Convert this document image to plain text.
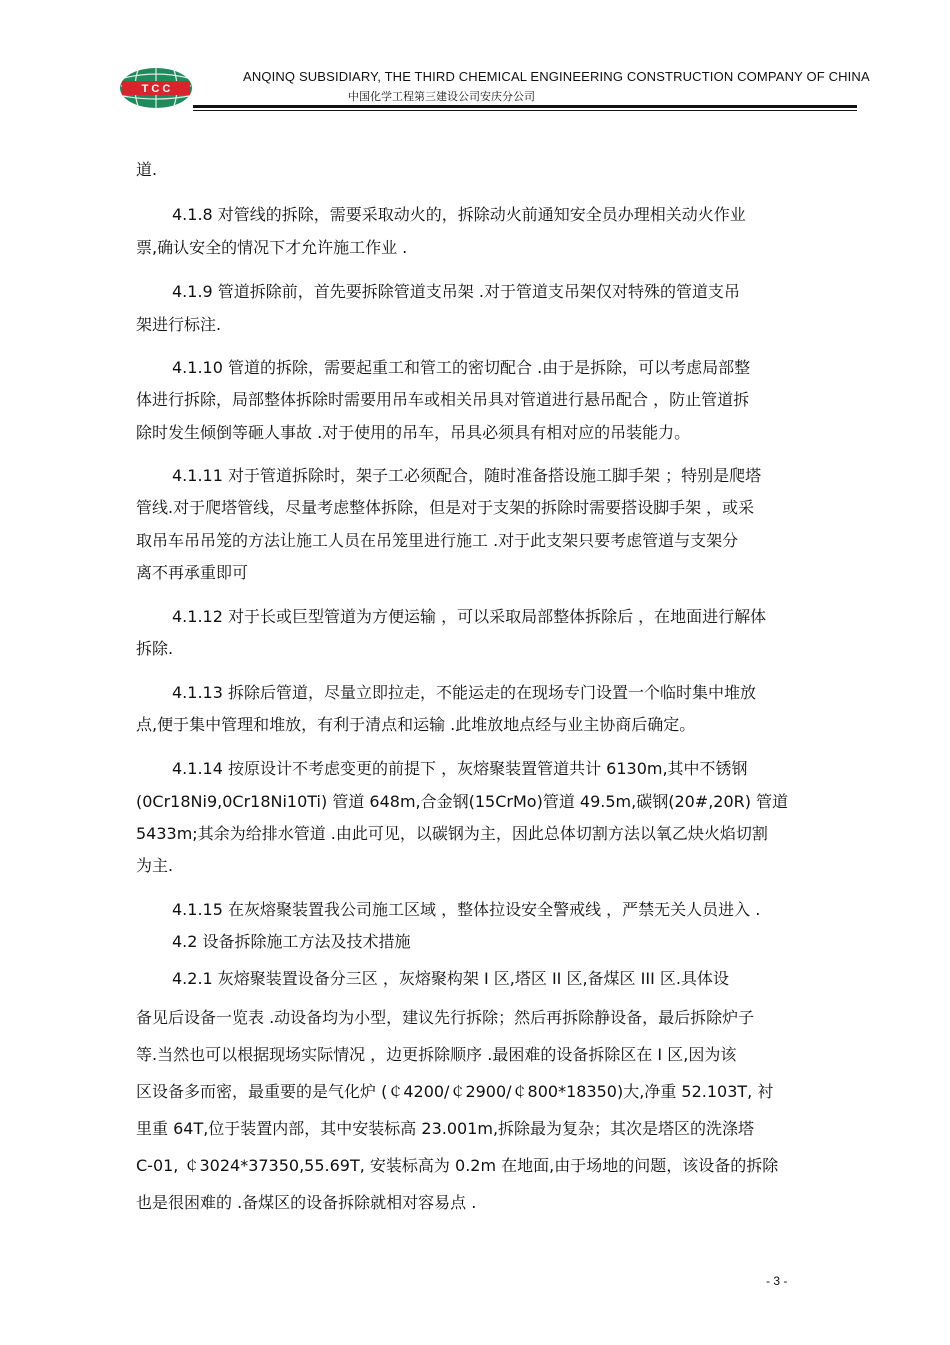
T C C
ANQINQ SUBSIDIARY, THE THIRD CHEMICAL ENGINEERING CONSTRUCTION COMPANY OF CHINA
中国化学工程第三建设公司安庆分公司
道.
4.1.8 对管线的拆除，需要采取动火的，拆除动火前通知安全员办理相关动火作业
票,确认安全的情况下才允许施工作业 .
4.1.9 管道拆除前，首先要拆除管道支吊架 .对于管道支吊架仅对特殊的管道支吊
架进行标注.
4.1.10 管道的拆除，需要起重工和管工的密切配合 .由于是拆除，可以考虑局部整
体进行拆除，局部整体拆除时需要用吊车或相关吊具对管道进行悬吊配合 ，防止管道拆
除时发生倾倒等砸人事故 .对于使用的吊车，吊具必须具有相对应的吊装能力。
4.1.11 对于管道拆除时，架子工必须配合，随时准备搭设施工脚手架 ；特别是爬塔
管线.对于爬塔管线，尽量考虑整体拆除，但是对于支架的拆除时需要搭设脚手架 ，或采
取吊车吊吊笼的方法让施工人员在吊笼里进行施工 .对于此支架只要考虑管道与支架分
离不再承重即可
4.1.12 对于长或巨型管道为方便运输 ，可以采取局部整体拆除后 ，在地面进行解体
拆除.
4.1.13 拆除后管道，尽量立即拉走，不能运走的在现场专门设置一个临时集中堆放
点,便于集中管理和堆放，有利于清点和运输 .此堆放地点经与业主协商后确定。
4.1.14 按原设计不考虑变更的前提下 ，灰熔聚装置管道共计 6130m,其中不锈钢
(0Cr18Ni9,0Cr18Ni10Ti) 管道 648m,合金钢(15CrMo)管道 49.5m,碳钢(20#,20R) 管道
5433m;其余为给排水管道 .由此可见，以碳钢为主，因此总体切割方法以氧乙炔火焰切割
为主.
4.1.15 在灰熔聚装置我公司施工区域 ，整体拉设安全警戒线 ，严禁无关人员进入 .
4.2 设备拆除施工方法及技术措施
4.2.1 灰熔聚装置设备分三区 ，灰熔聚构架 I 区,塔区 II 区,备煤区 III 区.具体设
备见后设备一览表 .动设备均为小型，建议先行拆除；然后再拆除静设备，最后拆除炉子
等.当然也可以根据现场实际情况 ，边更拆除顺序 .最困难的设备拆除区在 I 区,因为该
区设备多而密，最重要的是气化炉 (￠4200/￠2900/￠800*18350)大,净重 52.103T, 衬
里重 64T,位于装置内部，其中安装标高 23.001m,拆除最为复杂；其次是塔区的洗涤塔
C-01, ￠3024*37350,55.69T, 安装标高为 0.2m 在地面,由于场地的问题，该设备的拆除
也是很困难的 .备煤区的设备拆除就相对容易点 .
- 3 -
